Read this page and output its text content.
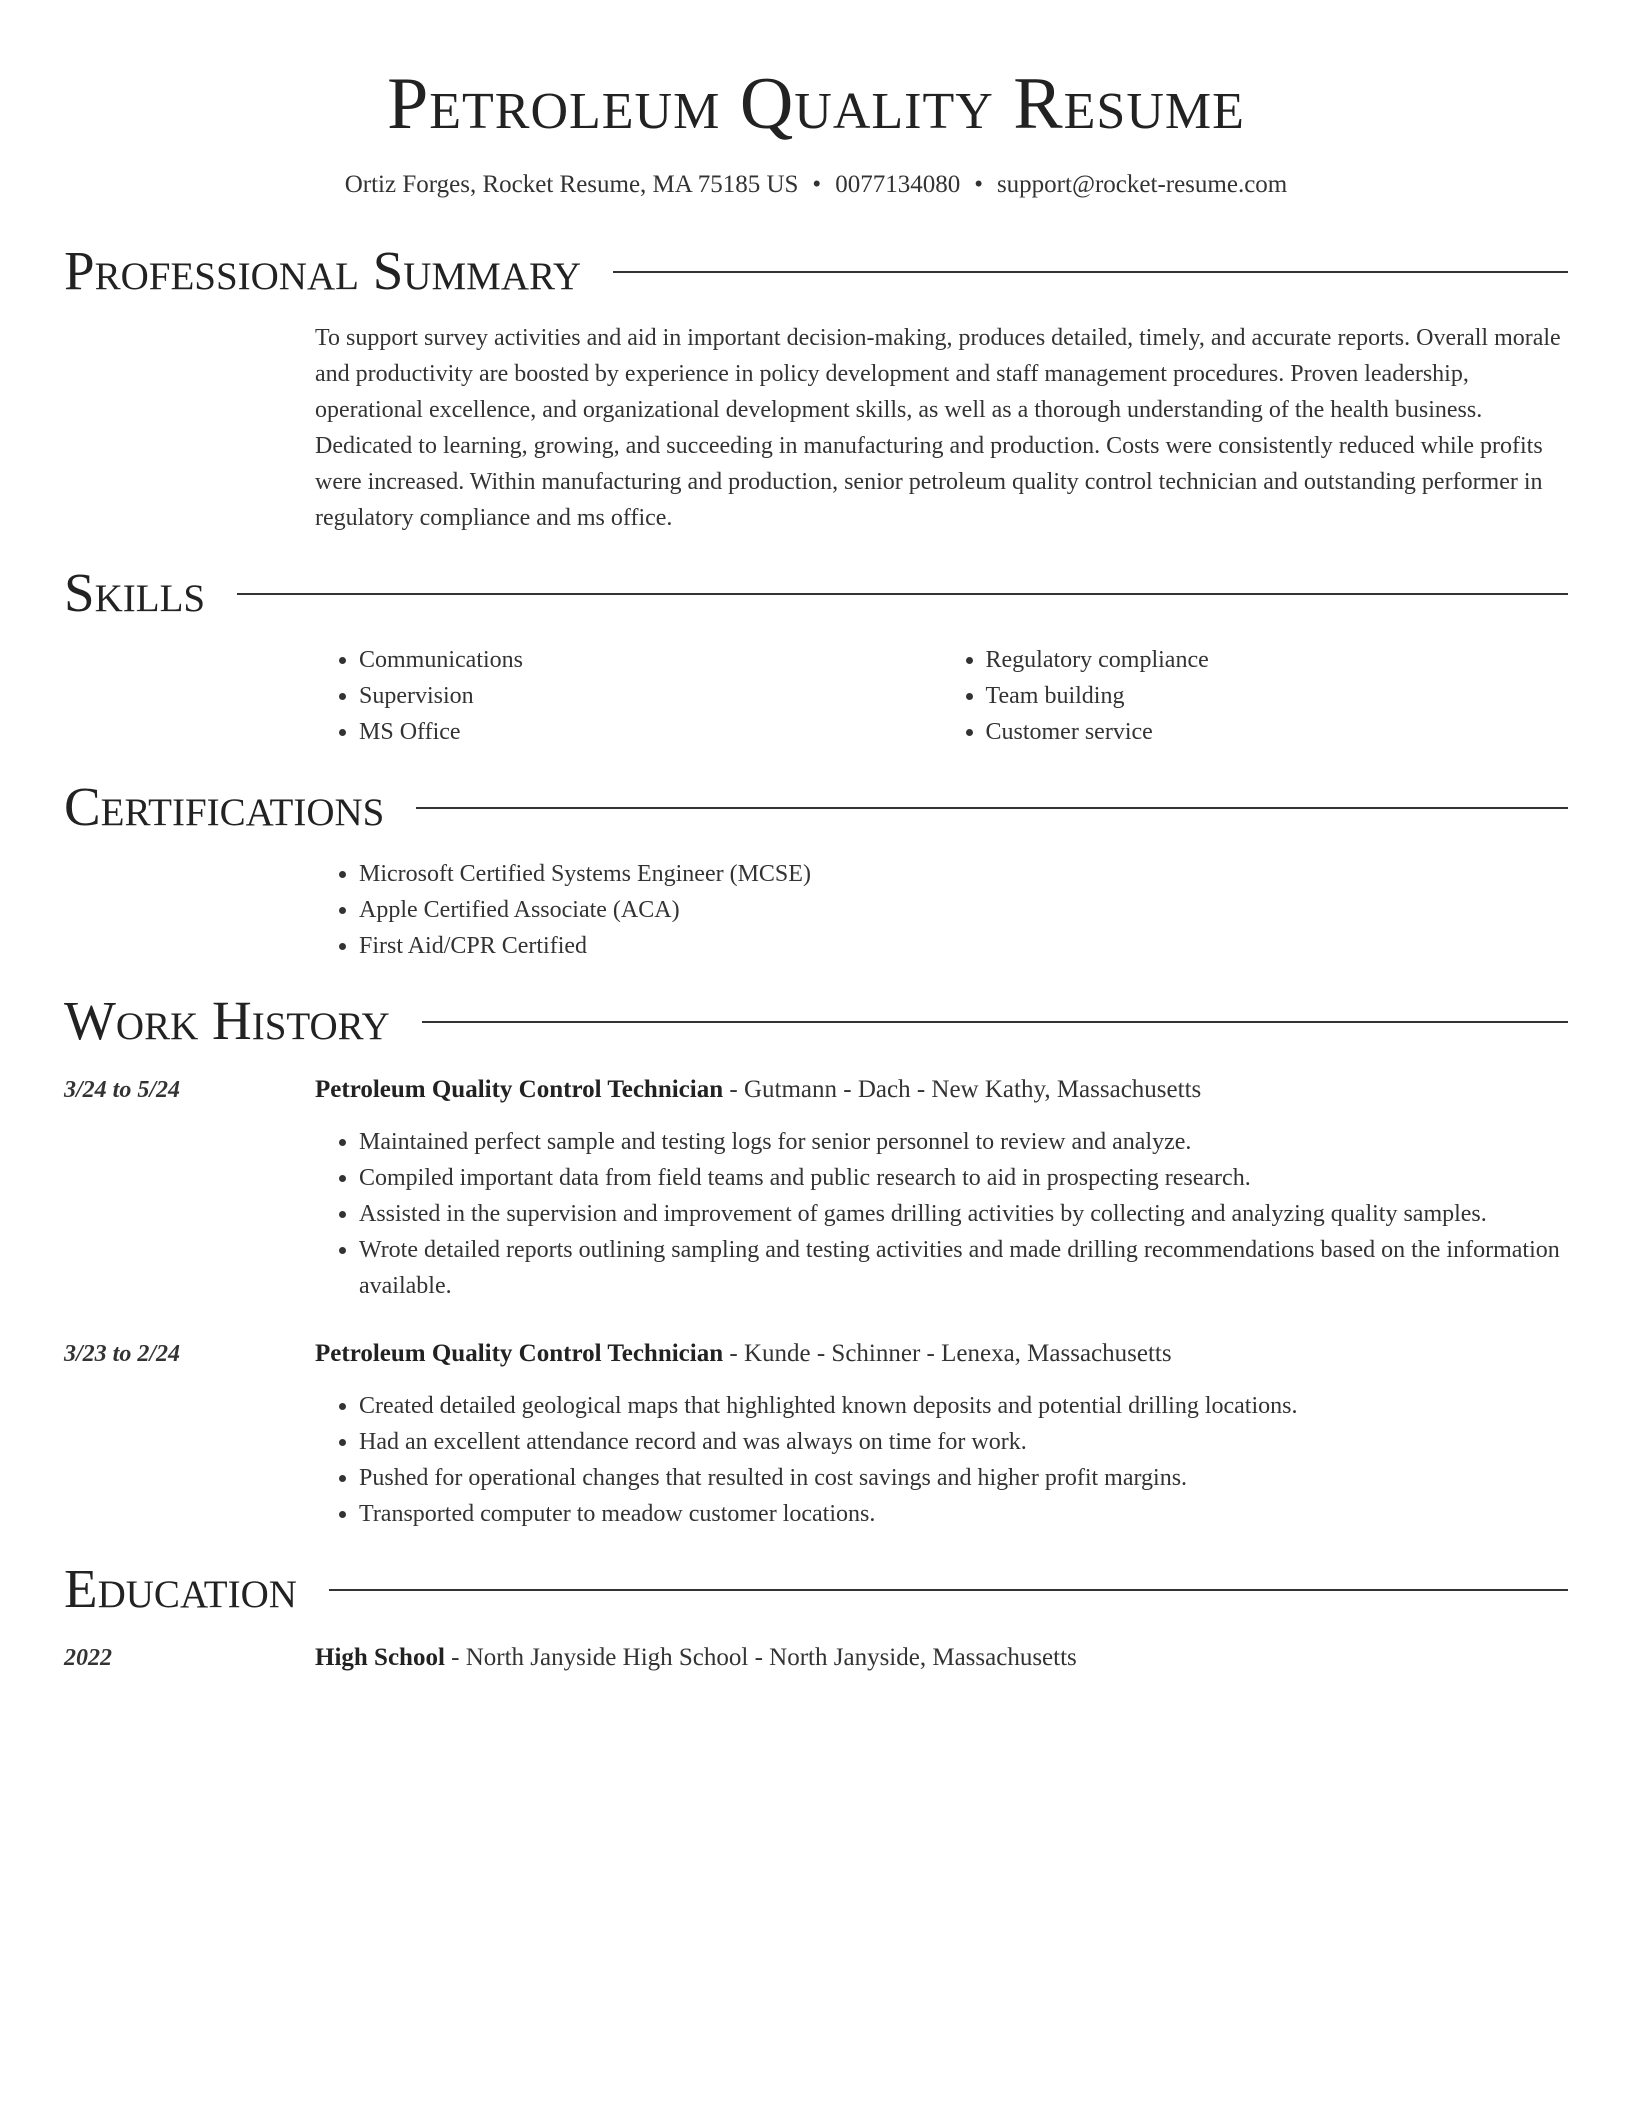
Petroleum Quality Resume
Ortiz Forges, Rocket Resume, MA 75185 US • 0077134080 • support@rocket-resume.com
Professional Summary
To support survey activities and aid in important decision-making, produces detailed, timely, and accurate reports. Overall morale and productivity are boosted by experience in policy development and staff management procedures. Proven leadership, operational excellence, and organizational development skills, as well as a thorough understanding of the health business. Dedicated to learning, growing, and succeeding in manufacturing and production. Costs were consistently reduced while profits were increased. Within manufacturing and production, senior petroleum quality control technician and outstanding performer in regulatory compliance and ms office.
Skills
• Communications
• Supervision
• MS Office
• Regulatory compliance
• Team building
• Customer service
Certifications
• Microsoft Certified Systems Engineer (MCSE)
• Apple Certified Associate (ACA)
• First Aid/CPR Certified
Work History
3/24 to 5/24	Petroleum Quality Control Technician - Gutmann - Dach - New Kathy, Massachusetts
• Maintained perfect sample and testing logs for senior personnel to review and analyze.
• Compiled important data from field teams and public research to aid in prospecting research.
• Assisted in the supervision and improvement of games drilling activities by collecting and analyzing quality samples.
• Wrote detailed reports outlining sampling and testing activities and made drilling recommendations based on the information available.
3/23 to 2/24	Petroleum Quality Control Technician - Kunde - Schinner - Lenexa, Massachusetts
• Created detailed geological maps that highlighted known deposits and potential drilling locations.
• Had an excellent attendance record and was always on time for work.
• Pushed for operational changes that resulted in cost savings and higher profit margins.
• Transported computer to meadow customer locations.
Education
2022	High School - North Janyside High School - North Janyside, Massachusetts
